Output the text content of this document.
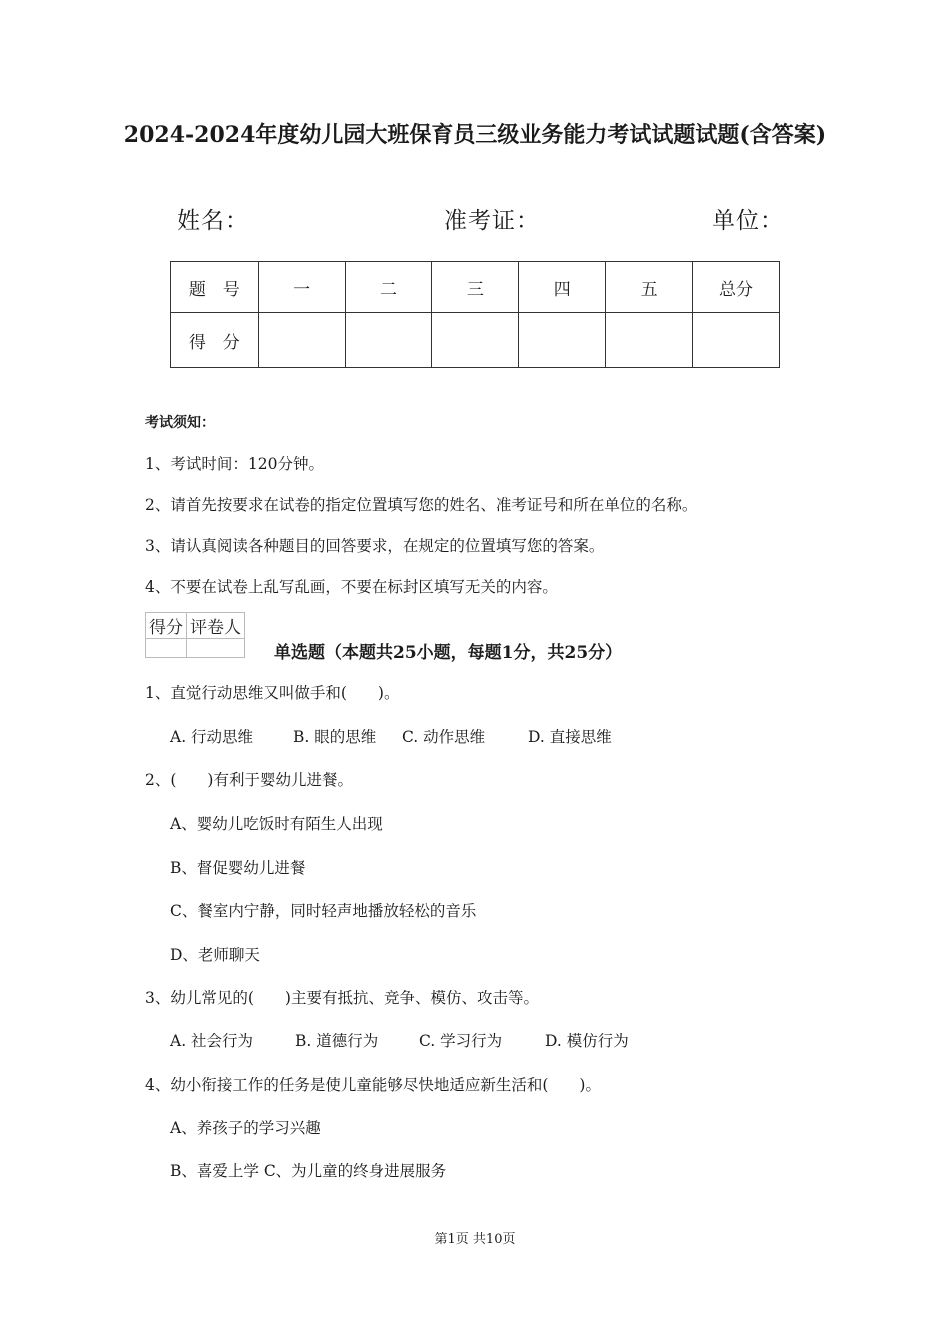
2024-2024年度幼儿园大班保育员三级业务能力考试试题试题(含答案)
姓名：	准考证：	单位：
题　号	一	二	三	四	五	总分
得　分						
考试须知：
1、考试时间：120分钟。
2、请首先按要求在试卷的指定位置填写您的姓名、准考证号和所在单位的名称。
3、请认真阅读各种题目的回答要求，在规定的位置填写您的答案。
4、不要在试卷上乱写乱画，不要在标封区填写无关的内容。
得分	评卷人

单选题（本题共25小题，每题1分，共25分）
1、直觉行动思维又叫做手和(　　)。
A. 行动思维	B. 眼的思维 C. 动作思维	D. 直接思维
2、(　　)有利于婴幼儿进餐。
A、婴幼儿吃饭时有陌生人出现
B、督促婴幼儿进餐
C、餐室内宁静，同时轻声地播放轻松的音乐
D、老师聊天
3、幼儿常见的(　　)主要有抵抗、竞争、模仿、攻击等。
A. 社会行为	B. 道德行为	C. 学习行为	D. 模仿行为
4、幼小衔接工作的任务是使儿童能够尽快地适应新生活和(　　)。
A、养孩子的学习兴趣
B、喜爱上学 C、为儿童的终身进展服务
第1页 共10页
